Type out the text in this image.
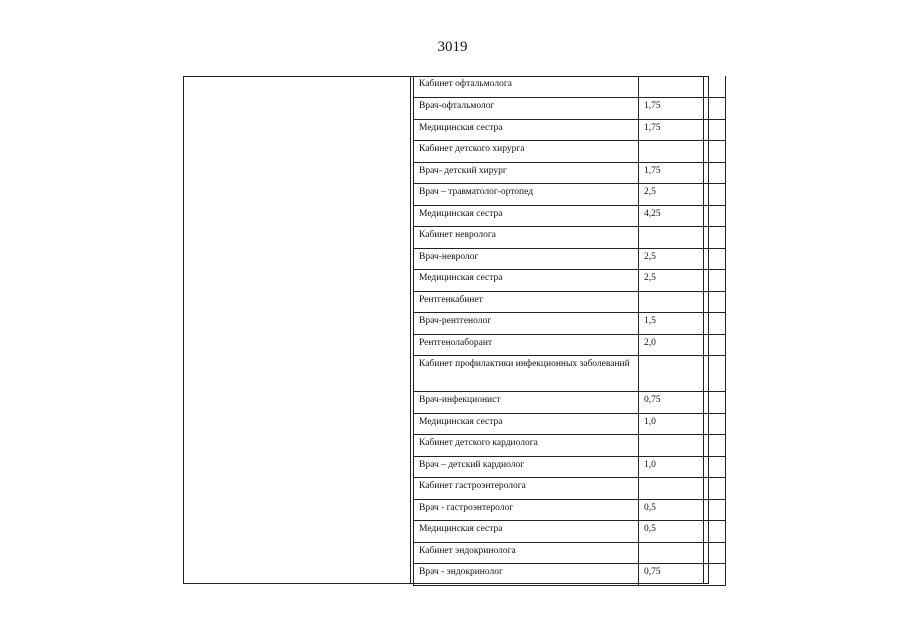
3019
Кабинет офтальмолога	
Врач-офтальмолог	1,75
Медицинская сестра	1,75
Кабинет детского хирурга	
Врач- детский хирург	1,75
Врач – травматолог-ортопед	2,5
Медицинская сестра	4,25
Кабинет невролога	
Врач-невролог	2,5
Медицинская сестра	2,5
Рентгенкабинет	
Врач-рентгенолог	1,5
Рентгенолаборант	2,0
Кабинет профилактики инфекционных заболеваний	
Врач-инфекционист	0,75
Медицинская сестра	1,0
Кабинет детского кардиолога	
Врач – детский кардиолог	1,0
Кабинет гастроэнтеролога	
Врач - гастроэнтеролог	0,5
Медицинская сестра	0,5
Кабинет эндокринолога	
Врач - эндокринолог	0,75
